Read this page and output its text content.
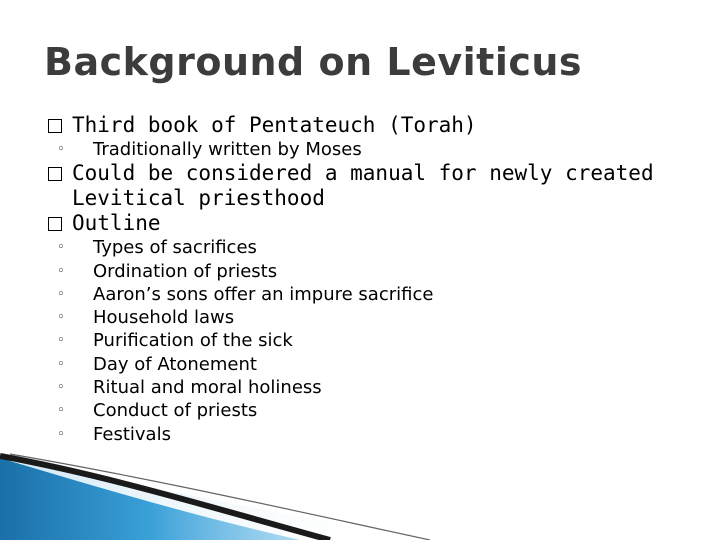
Background on Leviticus
Third book of Pentateuch (Torah)
◦	Traditionally written by Moses
Could be considered a manual for newly created Levitical priesthood
Outline
◦	Types of sacrifices
◦	Ordination of priests
◦	Aaron’s sons offer an impure sacrifice
◦	Household laws
◦	Purification of the sick
◦	Day of Atonement
◦	Ritual and moral holiness
◦	Conduct of priests
◦	Festivals
